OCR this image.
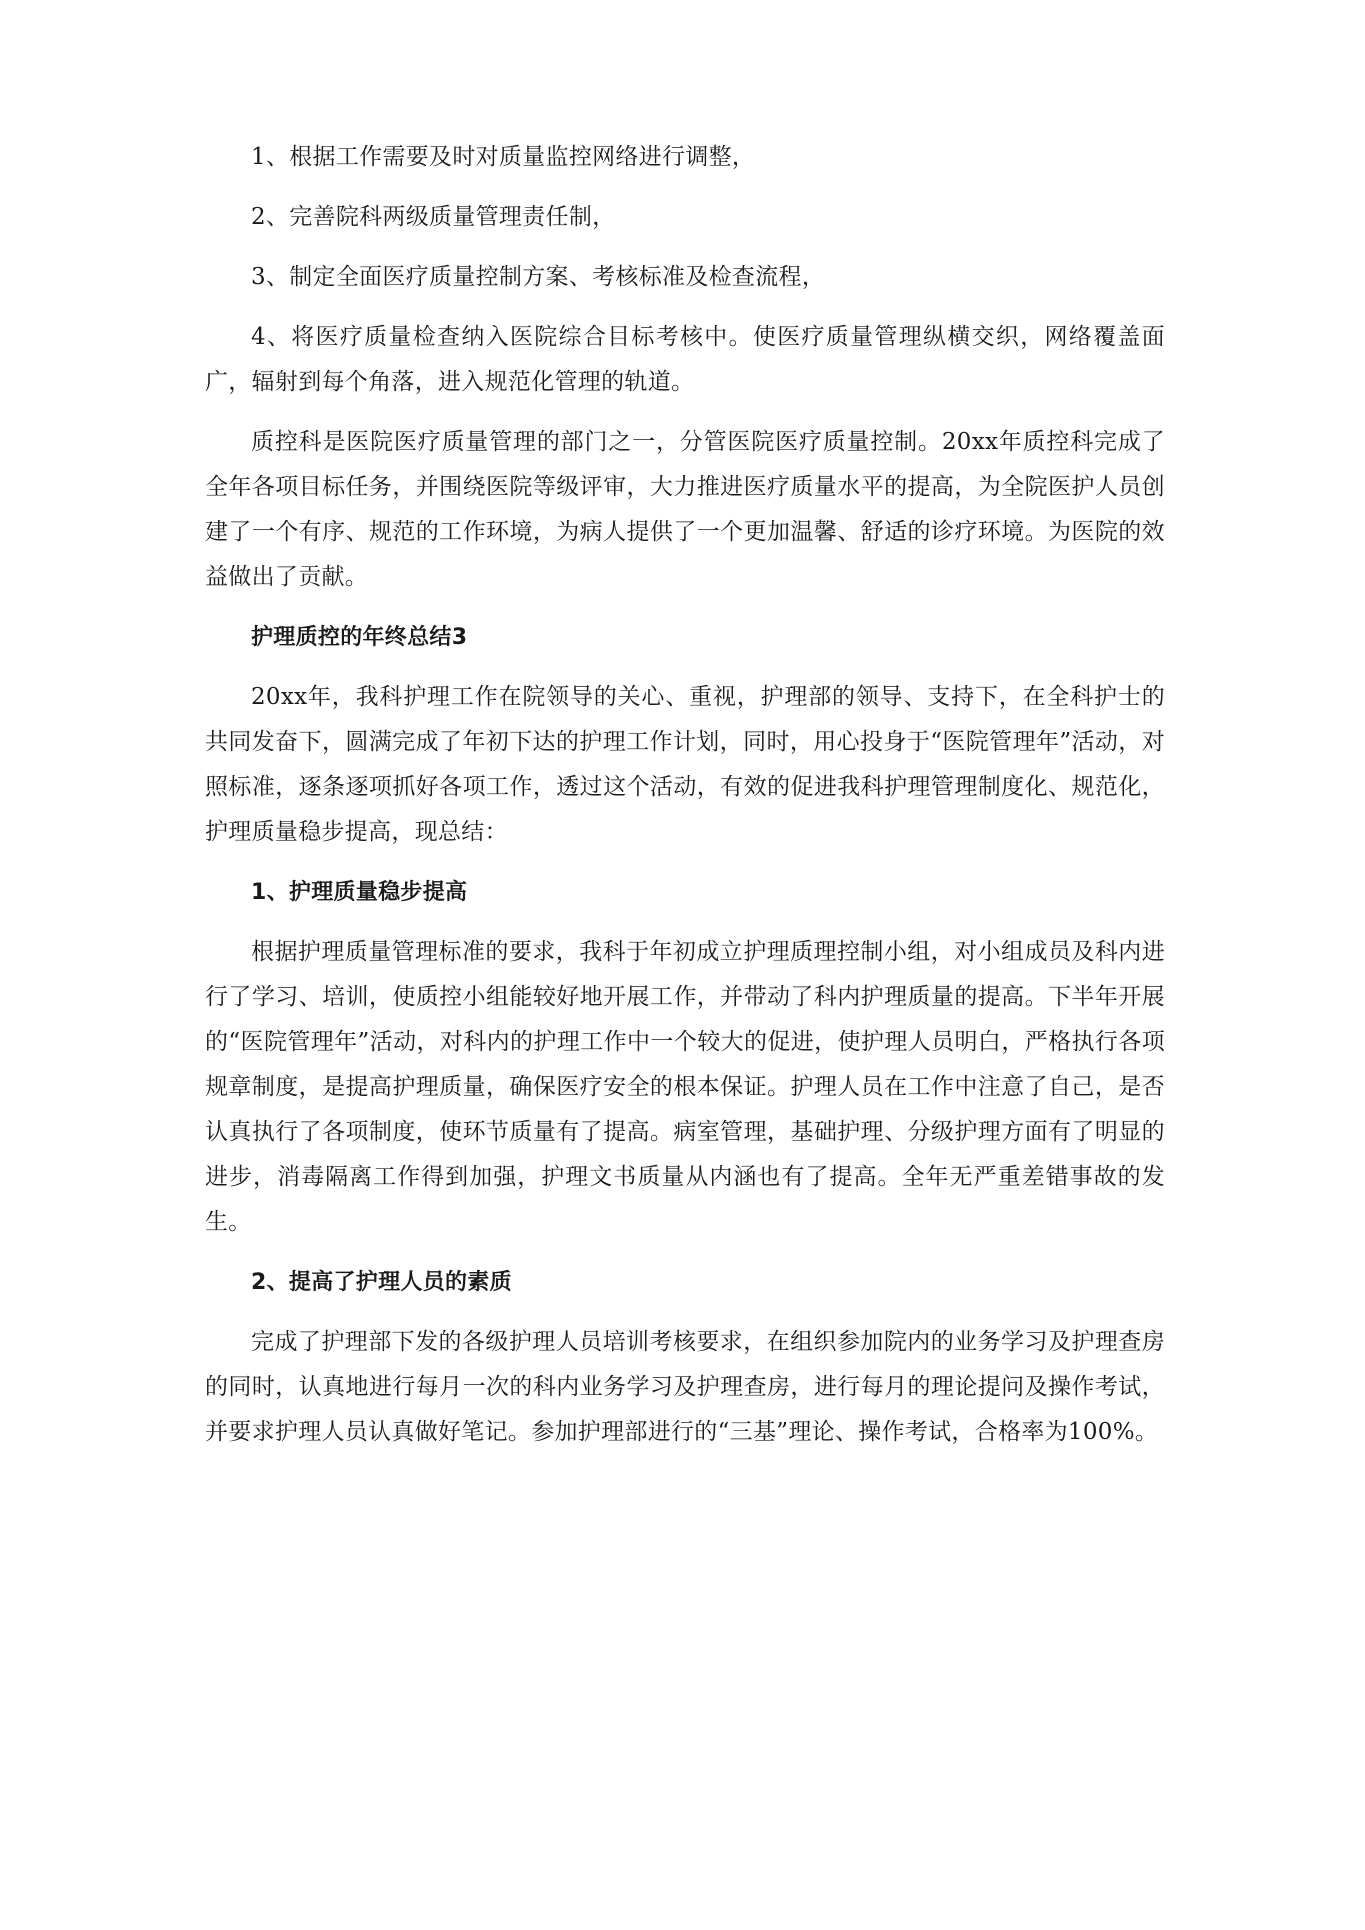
1、根据工作需要及时对质量监控网络进行调整，

2、完善院科两级质量管理责任制，

3、制定全面医疗质量控制方案、考核标准及检查流程，

4、将医疗质量检查纳入医院综合目标考核中。使医疗质量管理纵横交织，网络覆盖面广，辐射到每个角落，进入规范化管理的轨道。

质控科是医院医疗质量管理的部门之一，分管医院医疗质量控制。20xx年质控科完成了全年各项目标任务，并围绕医院等级评审，大力推进医疗质量水平的提高，为全院医护人员创建了一个有序、规范的工作环境，为病人提供了一个更加温馨、舒适的诊疗环境。为医院的效益做出了贡献。

护理质控的年终总结3

20xx年，我科护理工作在院领导的关心、重视，护理部的领导、支持下，在全科护士的共同发奋下，圆满完成了年初下达的护理工作计划，同时，用心投身于“医院管理年”活动，对照标准，逐条逐项抓好各项工作，透过这个活动，有效的促进我科护理管理制度化、规范化，护理质量稳步提高，现总结：

1、护理质量稳步提高

根据护理质量管理标准的要求，我科于年初成立护理质理控制小组，对小组成员及科内进行了学习、培训，使质控小组能较好地开展工作，并带动了科内护理质量的提高。下半年开展的“医院管理年”活动，对科内的护理工作中一个较大的促进，使护理人员明白，严格执行各项规章制度，是提高护理质量，确保医疗安全的根本保证。护理人员在工作中注意了自己，是否认真执行了各项制度，使环节质量有了提高。病室管理，基础护理、分级护理方面有了明显的进步，消毒隔离工作得到加强，护理文书质量从内涵也有了提高。全年无严重差错事故的发生。

2、提高了护理人员的素质

完成了护理部下发的各级护理人员培训考核要求，在组织参加院内的业务学习及护理查房的同时，认真地进行每月一次的科内业务学习及护理查房，进行每月的理论提问及操作考试，并要求护理人员认真做好笔记。参加护理部进行的“三基”理论、操作考试，合格率为100%。
